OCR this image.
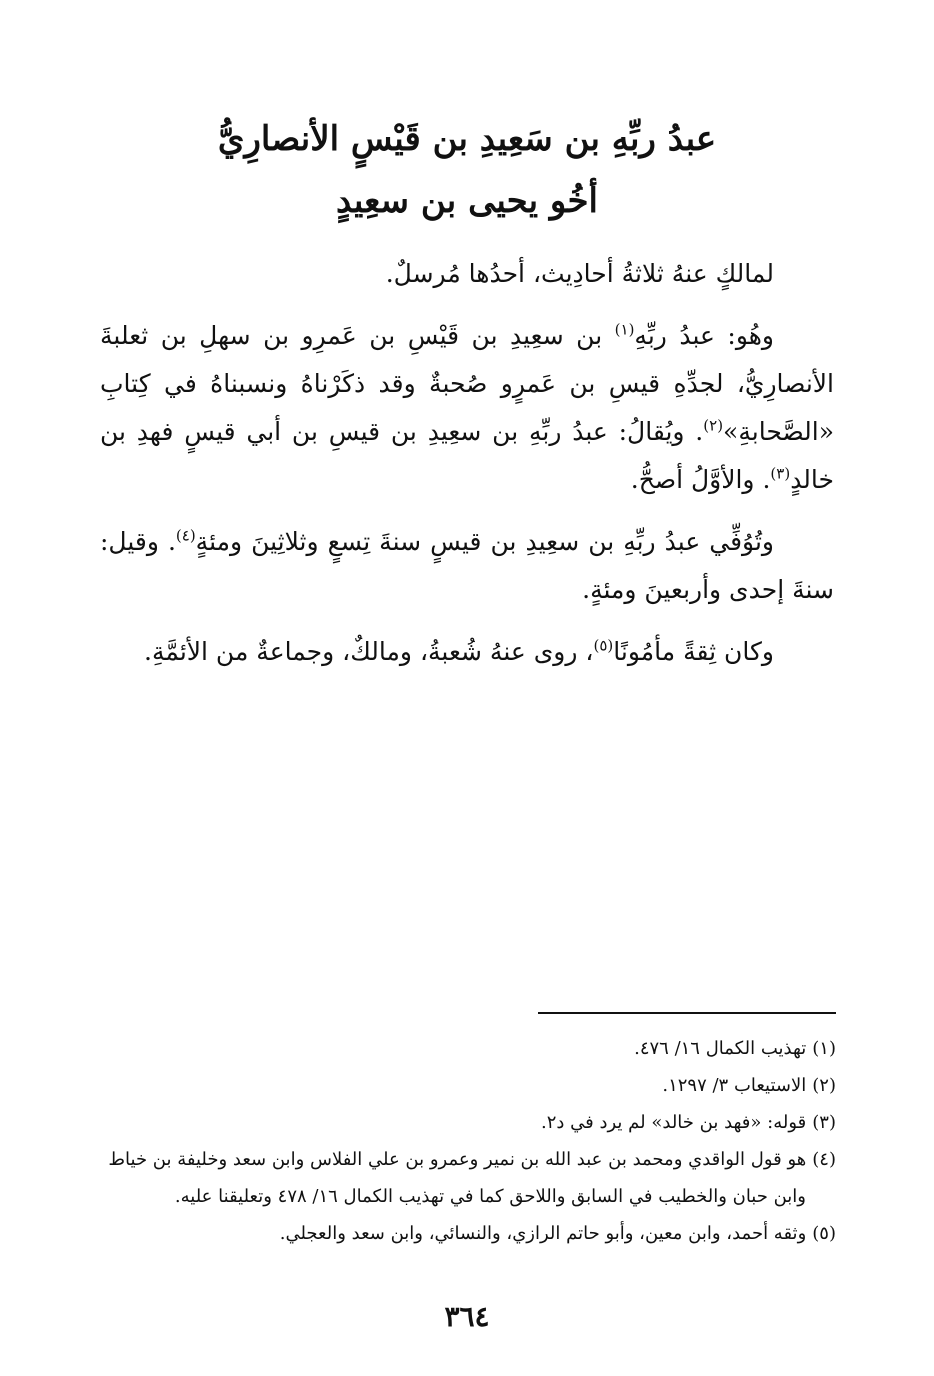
عبدُ ربِّهِ بن سَعِيدِ بن قَيْسٍ الأنصارِيُّ
أخُو يحيى بن سعِيدٍ

لمالكٍ عنهُ ثلاثةُ أحادِيث، أحدُها مُرسلٌ.

وهُو: عبدُ ربِّهِ$^{(١)}$ بن سعِيدِ بن قَيْسِ بن عَمرِو بن سهلِ بن ثعلبةَ الأنصارِيُّ، لجدِّهِ قيسِ بن عَمرٍو صُحبةٌ وقد ذكَرْناهُ ونسبناهُ في كِتابِ «الصَّحابةِ»$^{(٢)}$. ويُقالُ: عبدُ ربِّهِ بن سعِيدِ بن قيسِ بن أبي قيسٍ فهدِ بن خالدٍ$^{(٣)}$. والأوَّلُ أصحُّ.

وتُوُفِّي عبدُ ربِّهِ بن سعِيدِ بن قيسٍ سنةَ تِسعٍ وثلاثِينَ ومئةٍ$^{(٤)}$. وقيل: سنةَ إحدى وأربعينَ ومئةٍ.

وكان ثِقةً مأمُونًا$^{(٥)}$، روى عنهُ شُعبةُ، ومالكٌ، وجماعةٌ من الأئمَّةِ.

(١)تهذيب الكمال ١٦/ ٤٧٦.

(٢)الاستيعاب ٣/ ١٢٩٧.

(٣)قوله: «فهد بن خالد» لم يرد في د٢.

(٤)هو قول الواقدي ومحمد بن عبد الله بن نمير وعمرو بن علي الفلاس وابن سعد وخليفة بن خياط

وابن حبان والخطيب في السابق واللاحق كما في تهذيب الكمال ١٦/ ٤٧٨ وتعليقنا عليه.

(٥)وثقه أحمد، وابن معين، وأبو حاتم الرازي، والنسائي، وابن سعد والعجلي.

٣٦٤
